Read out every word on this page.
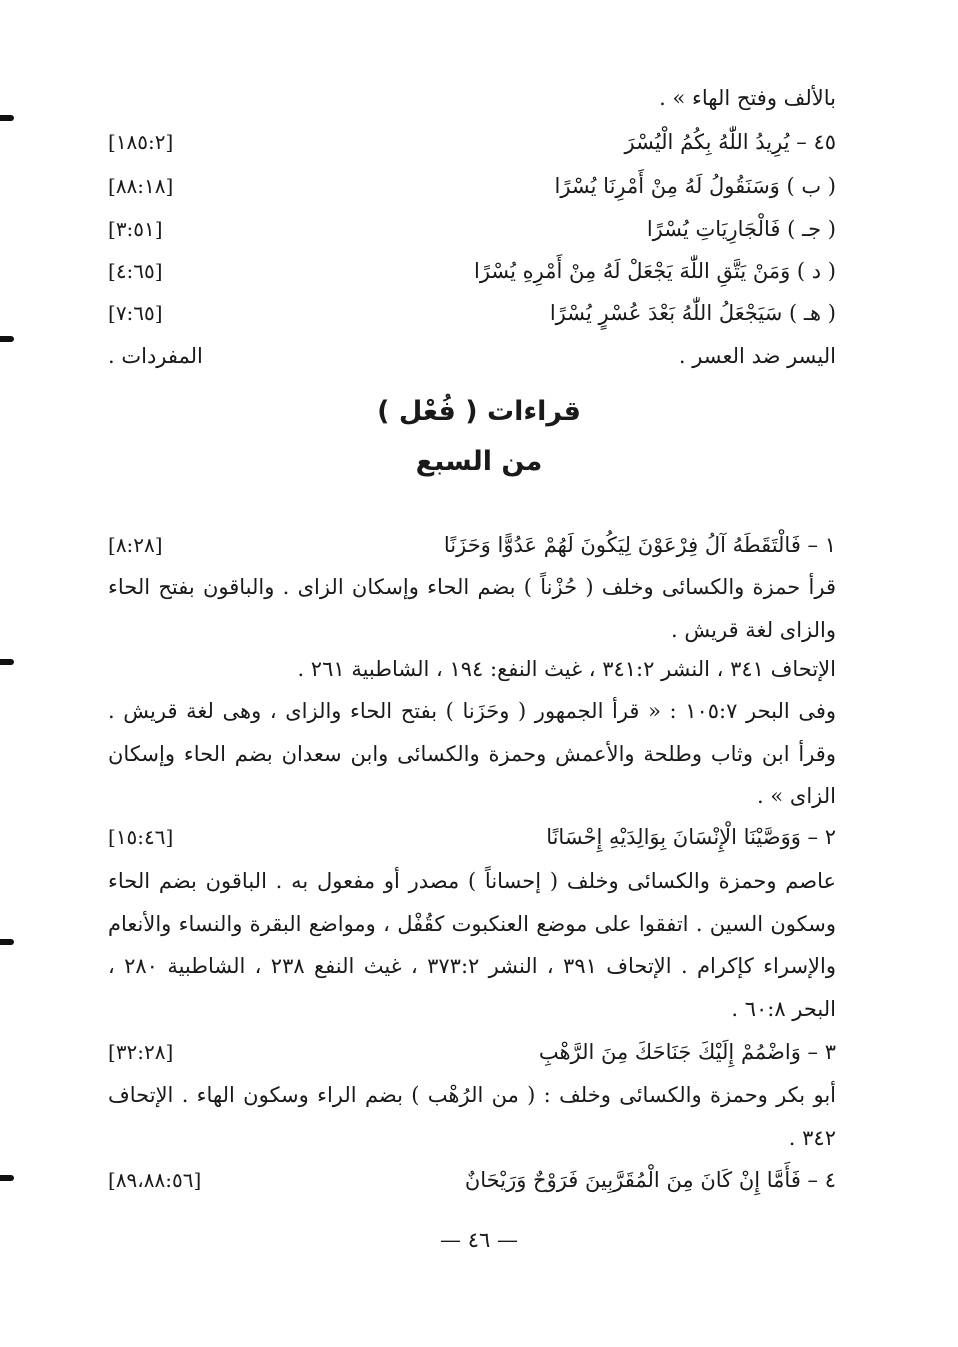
بالألف وفتح الهاء » .
٤٥ – يُرِيدُ اللّٰهُ بِكُمُ الْيُسْرَ
[١٨٥:٢]
( ب ) وَسَنَقُولُ لَهُ مِنْ أَمْرِنَا يُسْرًا
[٨٨:١٨]
( جـ ) فَالْجَارِيَاتِ يُسْرًا
[٣:٥١]
( د ) وَمَنْ يَتَّقِ اللّٰهَ يَجْعَلْ لَهُ مِنْ أَمْرِهِ يُسْرًا
[٤:٦٥]
( هـ ) سَيَجْعَلُ اللّٰهُ بَعْدَ عُسْرٍ يُسْرًا
[٧:٦٥]
اليسر ضد العسر .
المفردات .
قراءات ( فُعْل )
من السبع
١ – فَالْتَقَطَهُ آلُ فِرْعَوْنَ لِيَكُونَ لَهُمْ عَدُوًّا وَحَزَنًا
[٨:٢٨]
قرأ حمزة والكسائى وخلف ( حُزْناً ) بضم الحاء وإسكان الزاى . والباقون بفتح الحاء والزاى لغة قريش .
الإتحاف ٣٤١ ، النشر ٣٤١:٢ ، غيث النفع: ١٩٤ ، الشاطبية ٢٦١ .
وفى البحر ١٠٥:٧ : « قرأ الجمهور ( وحَزَنا ) بفتح الحاء والزاى ، وهى لغة قريش . وقرأ ابن وثاب وطلحة والأعمش وحمزة والكسائى وابن سعدان بضم الحاء وإسكان الزاى » .
٢ – وَوَصَّيْنَا الْإِنْسَانَ بِوَالِدَيْهِ إِحْسَانًا
[١٥:٤٦]
عاصم وحمزة والكسائى وخلف ( إحساناً ) مصدر أو مفعول به . الباقون بضم الحاء وسكون السين . اتفقوا على موضع العنكبوت كقُفْل ، ومواضع البقرة والنساء والأنعام والإسراء كإكرام . الإتحاف ٣٩١ ، النشر ٣٧٣:٢ ، غيث النفع ٢٣٨ ، الشاطبية ٢٨٠ ، البحر ٦٠:٨ .
٣ – وَاضْمُمْ إِلَيْكَ جَنَاحَكَ مِنَ الرَّهْبِ
[٣٢:٢٨]
أبو بكر وحمزة والكسائى وخلف : ( من الرُهْب ) بضم الراء وسكون الهاء . الإتحاف ٣٤٢ .
٤ – فَأَمَّا إِنْ كَانَ مِنَ الْمُقَرَّبِينَ فَرَوْحٌ وَرَيْحَانٌ
[٨٩،٨٨:٥٦]
— ٤٦ —
